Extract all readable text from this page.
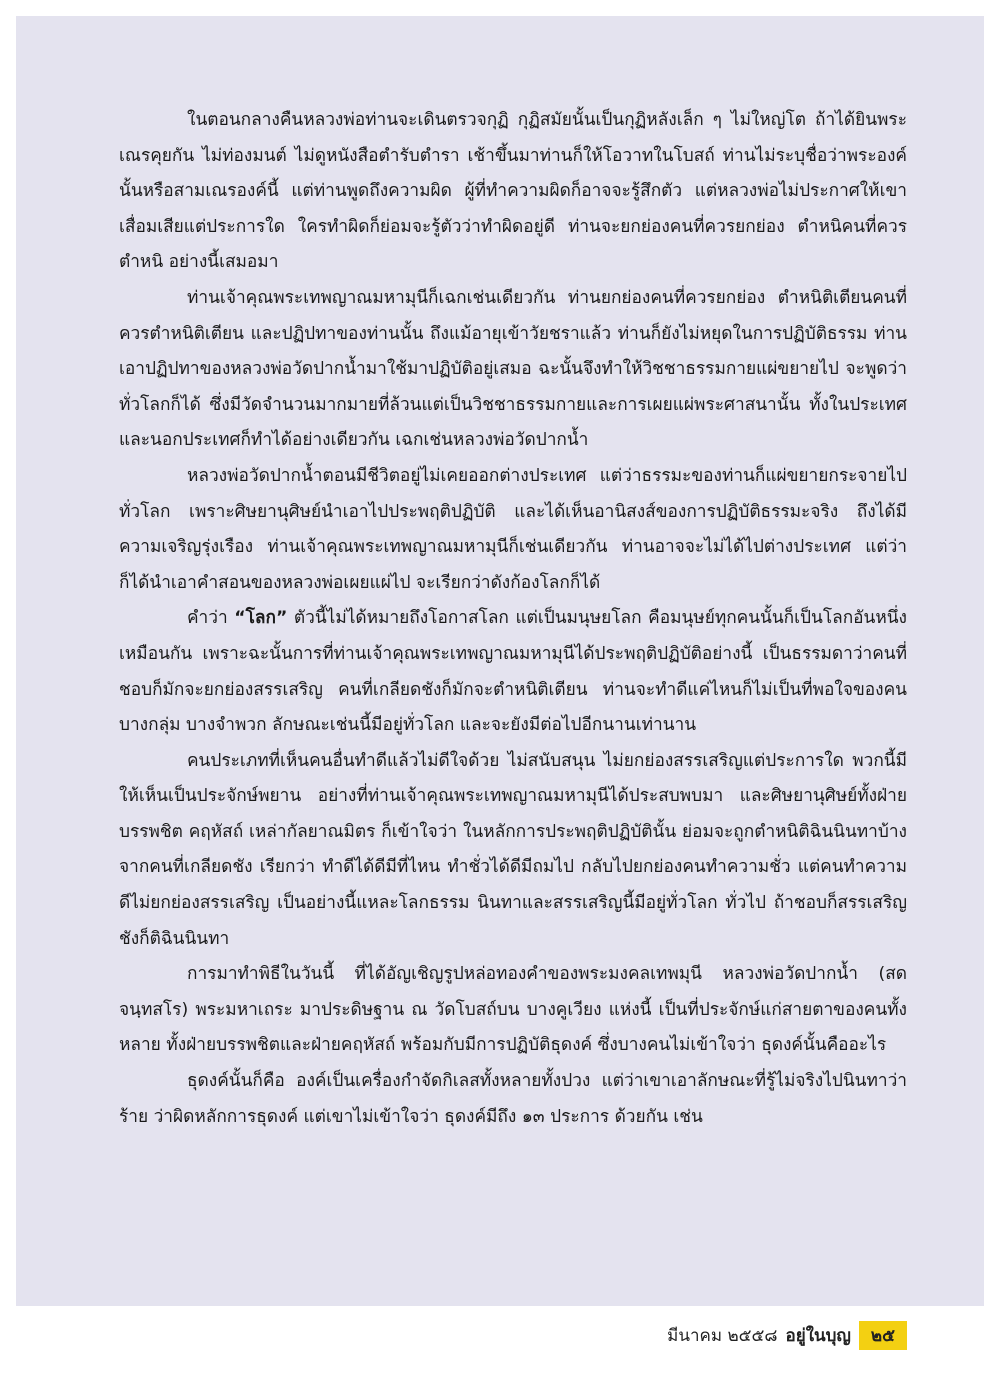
ในตอนกลางคืนหลวงพ่อท่านจะเดินตรวจกุฏิ กุฏิสมัยนั้นเป็นกุฏิหลังเล็ก ๆ ไม่ใหญ่โต ถ้าได้ยินพระเณรคุยกัน ไม่ท่องมนต์ ไม่ดูหนังสือตำรับตำรา เช้าขึ้นมาท่านก็ให้โอวาทในโบสถ์ ท่านไม่ระบุชื่อว่าพระองค์นั้นหรือสามเณรองค์นี้ แต่ท่านพูดถึงความผิด ผู้ที่ทำความผิดก็อาจจะรู้สึกตัว แต่หลวงพ่อไม่ประกาศให้เขาเสื่อมเสียแต่ประการใด ใครทำผิดก็ย่อมจะรู้ตัวว่าทำผิดอยู่ดี ท่านจะยกย่องคนที่ควรยกย่อง ตำหนิคนที่ควรตำหนิ อย่างนี้เสมอมา

ท่านเจ้าคุณพระเทพญาณมหามุนีก็เฉกเช่นเดียวกัน ท่านยกย่องคนที่ควรยกย่อง ตำหนิติเตียนคนที่ควรตำหนิติเตียน และปฏิปทาของท่านนั้น ถึงแม้อายุเข้าวัยชราแล้ว ท่านก็ยังไม่หยุดในการปฏิบัติธรรม ท่านเอาปฏิปทาของหลวงพ่อวัดปากน้ำมาใช้มาปฏิบัติอยู่เสมอ ฉะนั้นจึงทำให้วิชชาธรรมกายแผ่ขยายไป จะพูดว่าทั่วโลกก็ได้ ซึ่งมีวัดจำนวนมากมายที่ล้วนแต่เป็นวิชชาธรรมกายและการเผยแผ่พระศาสนานั้น ทั้งในประเทศและนอกประเทศก็ทำได้อย่างเดียวกัน เฉกเช่นหลวงพ่อวัดปากน้ำ

หลวงพ่อวัดปากน้ำตอนมีชีวิตอยู่ไม่เคยออกต่างประเทศ แต่ว่าธรรมะของท่านก็แผ่ขยายกระจายไปทั่วโลก เพราะศิษยานุศิษย์นำเอาไปประพฤติปฏิบัติ และได้เห็นอานิสงส์ของการปฏิบัติธรรมะจริง ถึงได้มีความเจริญรุ่งเรือง ท่านเจ้าคุณพระเทพญาณมหามุนีก็เช่นเดียวกัน ท่านอาจจะไม่ได้ไปต่างประเทศ แต่ว่าก็ได้นำเอาคำสอนของหลวงพ่อเผยแผ่ไป จะเรียกว่าดังก้องโลกก็ได้

คำว่า “โลก” ตัวนี้ไม่ได้หมายถึงโอกาสโลก แต่เป็นมนุษยโลก คือมนุษย์ทุกคนนั้นก็เป็นโลกอันหนึ่งเหมือนกัน เพราะฉะนั้นการที่ท่านเจ้าคุณพระเทพญาณมหามุนีได้ประพฤติปฏิบัติอย่างนี้ เป็นธรรมดาว่าคนที่ชอบก็มักจะยกย่องสรรเสริญ คนที่เกลียดชังก็มักจะตำหนิติเตียน ท่านจะทำดีแค่ไหนก็ไม่เป็นที่พอใจของคนบางกลุ่ม บางจำพวก ลักษณะเช่นนี้มีอยู่ทั่วโลก และจะยังมีต่อไปอีกนานเท่านาน

คนประเภทที่เห็นคนอื่นทำดีแล้วไม่ดีใจด้วย ไม่สนับสนุน ไม่ยกย่องสรรเสริญแต่ประการใด พวกนี้มีให้เห็นเป็นประจักษ์พยาน อย่างที่ท่านเจ้าคุณพระเทพญาณมหามุนีได้ประสบพบมา และศิษยานุศิษย์ทั้งฝ่ายบรรพชิต คฤหัสถ์ เหล่ากัลยาณมิตร ก็เข้าใจว่า ในหลักการประพฤติปฏิบัตินั้น ย่อมจะถูกตำหนิติฉินนินทาบ้างจากคนที่เกลียดชัง เรียกว่า ทำดีได้ดีมีที่ไหน ทำชั่วได้ดีมีถมไป กลับไปยกย่องคนทำความชั่ว แต่คนทำความดีไม่ยกย่องสรรเสริญ เป็นอย่างนี้แหละโลกธรรม นินทาและสรรเสริญนี้มีอยู่ทั่วโลก ทั่วไป ถ้าชอบก็สรรเสริญ ชังก็ติฉินนินทา

การมาทำพิธีในวันนี้ ที่ได้อัญเชิญรูปหล่อทองคำของพระมงคลเทพมุนี หลวงพ่อวัดปากน้ำ (สด จนฺทสโร) พระมหาเถระ มาประดิษฐาน ณ วัดโบสถ์บน บางคูเวียง แห่งนี้ เป็นที่ประจักษ์แก่สายตาของคนทั้งหลาย ทั้งฝ่ายบรรพชิตและฝ่ายคฤหัสถ์ พร้อมกับมีการปฏิบัติธุดงค์ ซึ่งบางคนไม่เข้าใจว่า ธุดงค์นั้นคืออะไร

ธุดงค์นั้นก็คือ องค์เป็นเครื่องกำจัดกิเลสทั้งหลายทั้งปวง แต่ว่าเขาเอาลักษณะที่รู้ไม่จริงไปนินทาว่าร้าย ว่าผิดหลักการธุดงค์ แต่เขาไม่เข้าใจว่า ธุดงค์มีถึง ๑๓ ประการ ด้วยกัน เช่น

มีนาคม ๒๕๕๘ อยู่ในบุญ	๒๕
